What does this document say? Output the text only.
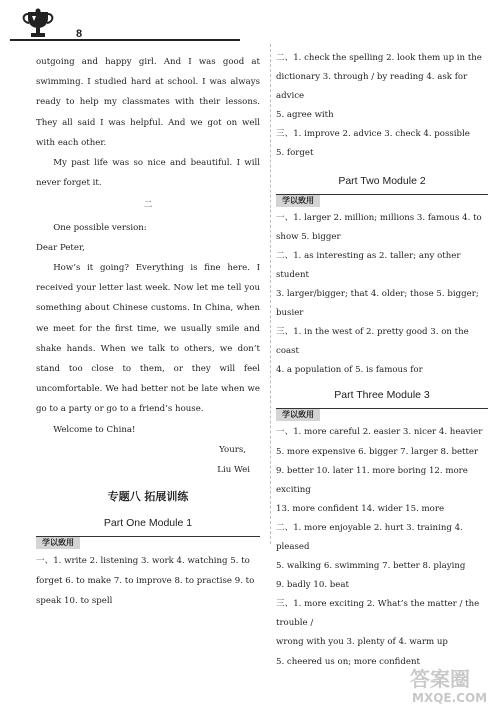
8

outgoing and happy girl. And I was good at swimming. I studied hard at school. I was always ready to help my classmates with their lessons. They all said I was helpful. And we got on well with each other.

My past life was so nice and beautiful. I will never forget it.

二

One possible version:

Dear Peter,

How’s it going? Everything is fine here. I received your letter last week. Now let me tell you something about Chinese customs. In China, when we meet for the first time, we usually smile and shake hands. When we talk to others, we don’t stand too close to them, or they will feel uncomfortable. We had better not be late when we go to a party or go to a friend’s house.

Welcome to China!

Yours,

Liu Wei

专题八 拓展训练

Part One Module 1

学以致用

一、1. write 2. listening 3. work 4. watching 5. to

forget 6. to make 7. to improve 8. to practise 9. to

speak 10. to spell

二、1. check the spelling 2. look them up in the

dictionary 3. through / by reading 4. ask for advice

5. agree with

三、1. improve 2. advice 3. check 4. possible

5. forget

Part Two Module 2

学以致用

一、1. larger 2. million; millions 3. famous 4. to

show 5. bigger

二、1. as interesting as 2. taller; any other student

3. larger/bigger; that 4. older; those 5. bigger; busier

三、1. in the west of 2. pretty good 3. on the coast

4. a population of 5. is famous for

Part Three Module 3

学以致用

一、1. more careful 2. easier 3. nicer 4. heavier

5. more expensive 6. bigger 7. larger 8. better

9. better 10. later 11. more boring 12. more exciting

13. more confident 14. wider 15. more

二、1. more enjoyable 2. hurt 3. training 4. pleased

5. walking 6. swimming 7. better 8. playing

9. badly 10. beat

三、1. more exciting 2. What’s the matter / the trouble /

wrong with you 3. plenty of 4. warm up

5. cheered us on; more confident

答案圈
MXQE.COM
